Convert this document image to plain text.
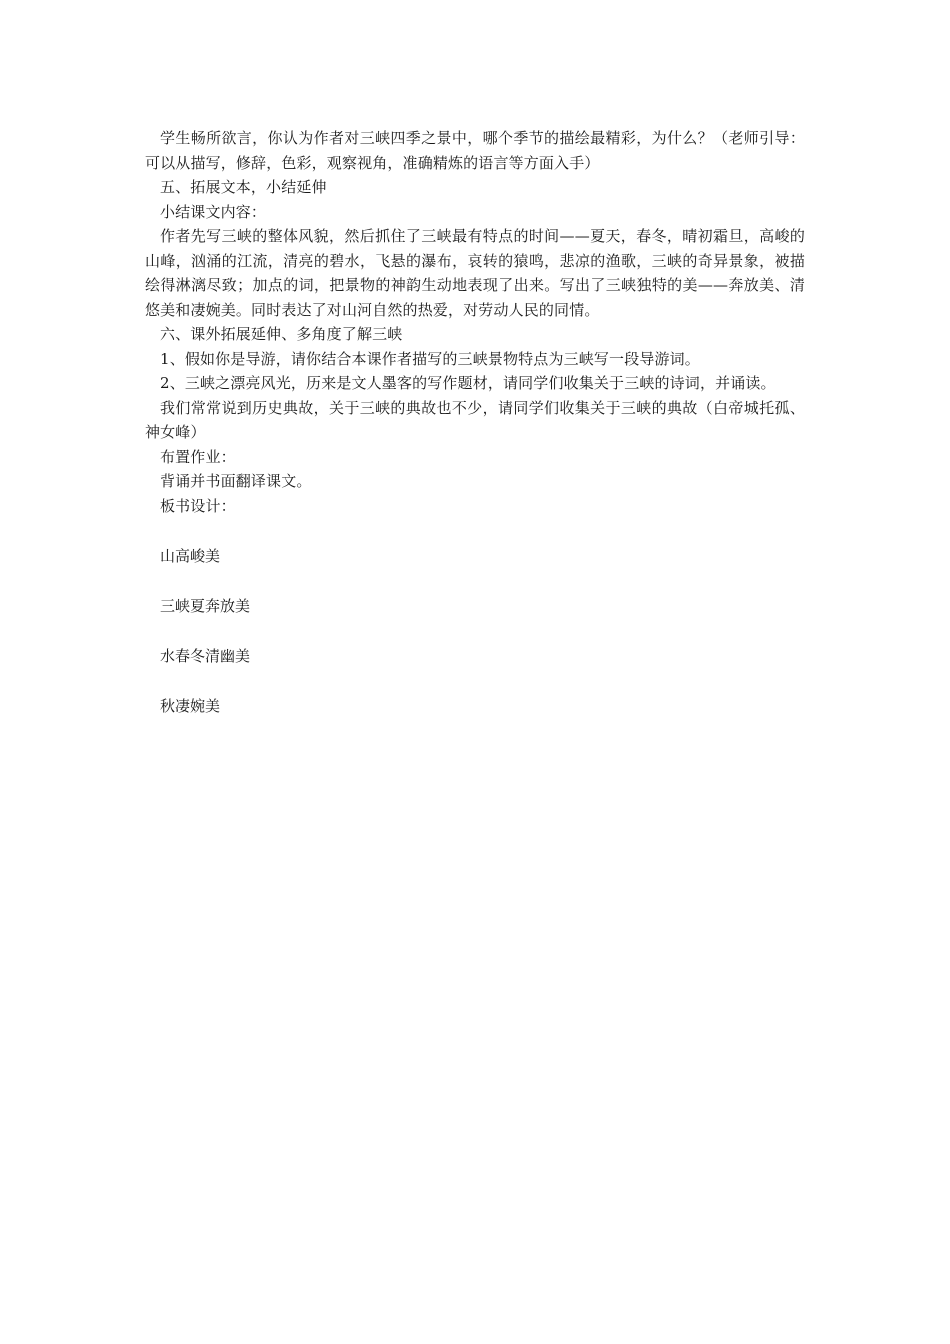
学生畅所欲言，你认为作者对三峡四季之景中，哪个季节的描绘最精彩，为什么？（老师引导：可以从描写，修辞，色彩，观察视角，准确精炼的语言等方面入手）

五、拓展文本，小结延伸

小结课文内容：

作者先写三峡的整体风貌，然后抓住了三峡最有特点的时间——夏天，春冬，晴初霜旦，高峻的山峰，汹涌的江流，清亮的碧水，飞悬的瀑布，哀转的猿鸣，悲凉的渔歌，三峡的奇异景象，被描绘得淋漓尽致；加点的词，把景物的神韵生动地表现了出来。写出了三峡独特的美——奔放美、清悠美和凄婉美。同时表达了对山河自然的热爱，对劳动人民的同情。

六、课外拓展延伸、多角度了解三峡

1、假如你是导游，请你结合本课作者描写的三峡景物特点为三峡写一段导游词。

2、三峡之漂亮风光，历来是文人墨客的写作题材，请同学们收集关于三峡的诗词，并诵读。

我们常常说到历史典故，关于三峡的典故也不少，请同学们收集关于三峡的典故（白帝城托孤、神女峰）

布置作业：

背诵并书面翻译课文。

板书设计：

山高峻美
三峡夏奔放美
水春冬清幽美
秋凄婉美
